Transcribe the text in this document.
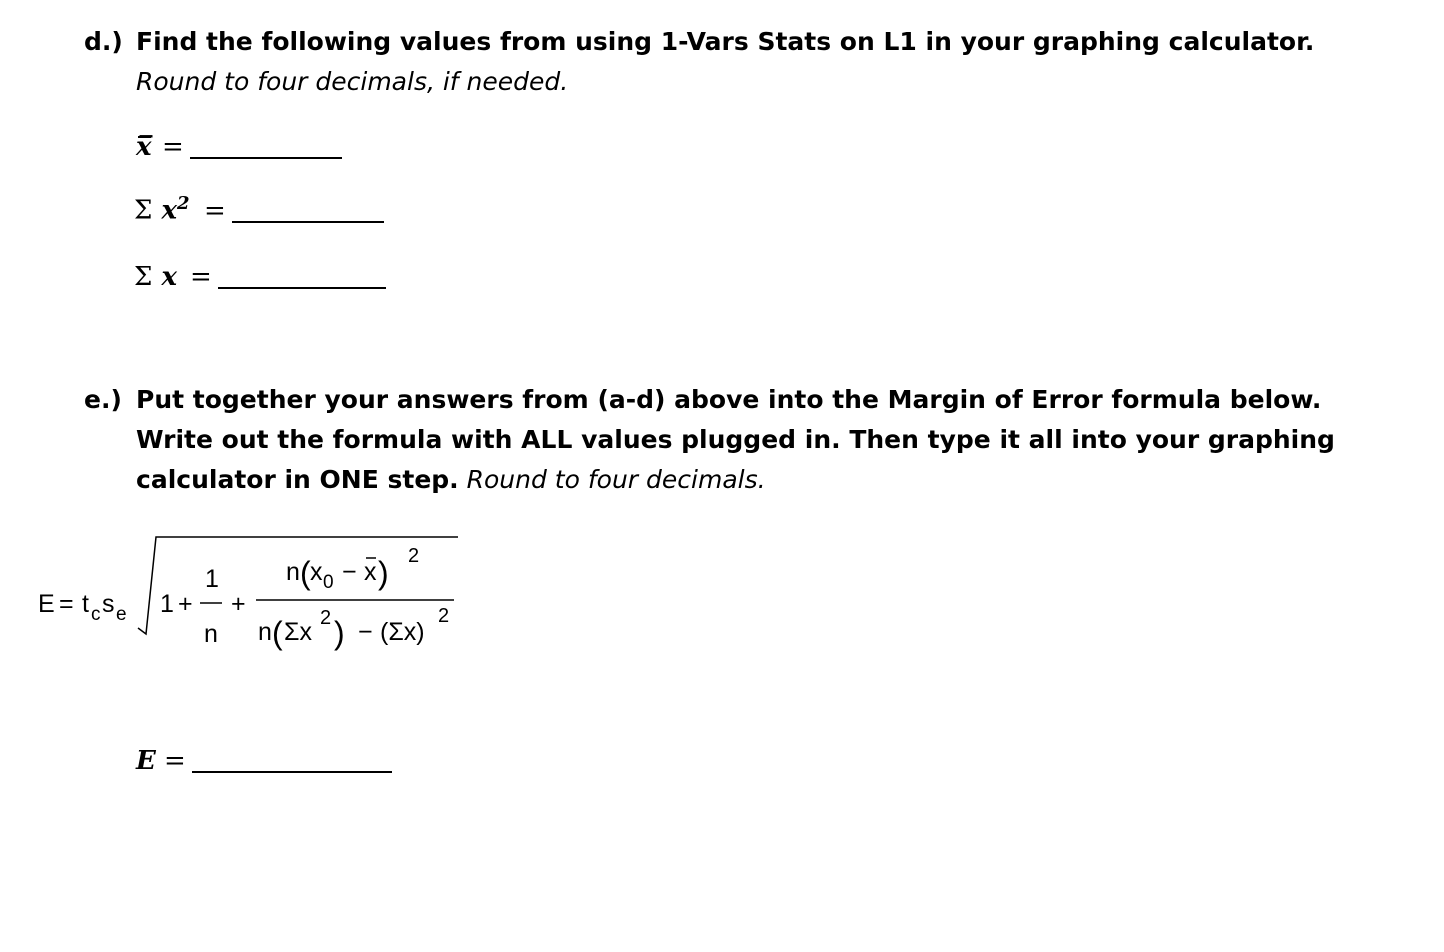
d.) Find the following values from using 1-Vars Stats on L1 in your graphing calculator. Round to four decimals, if needed.
x̅ =
Σ $x^2$ =
Σ x =
e.) Put together your answers from (a-d) above into the Margin of Error formula below. Write out the formula with ALL values plugged in. Then type it all into your graphing calculator in ONE step. Round to four decimals.
E = t c s e 1 +
1
n
+
n ( x 0 − x ) 2
n ( Σx 2 ) − (Σx)
2
E =
